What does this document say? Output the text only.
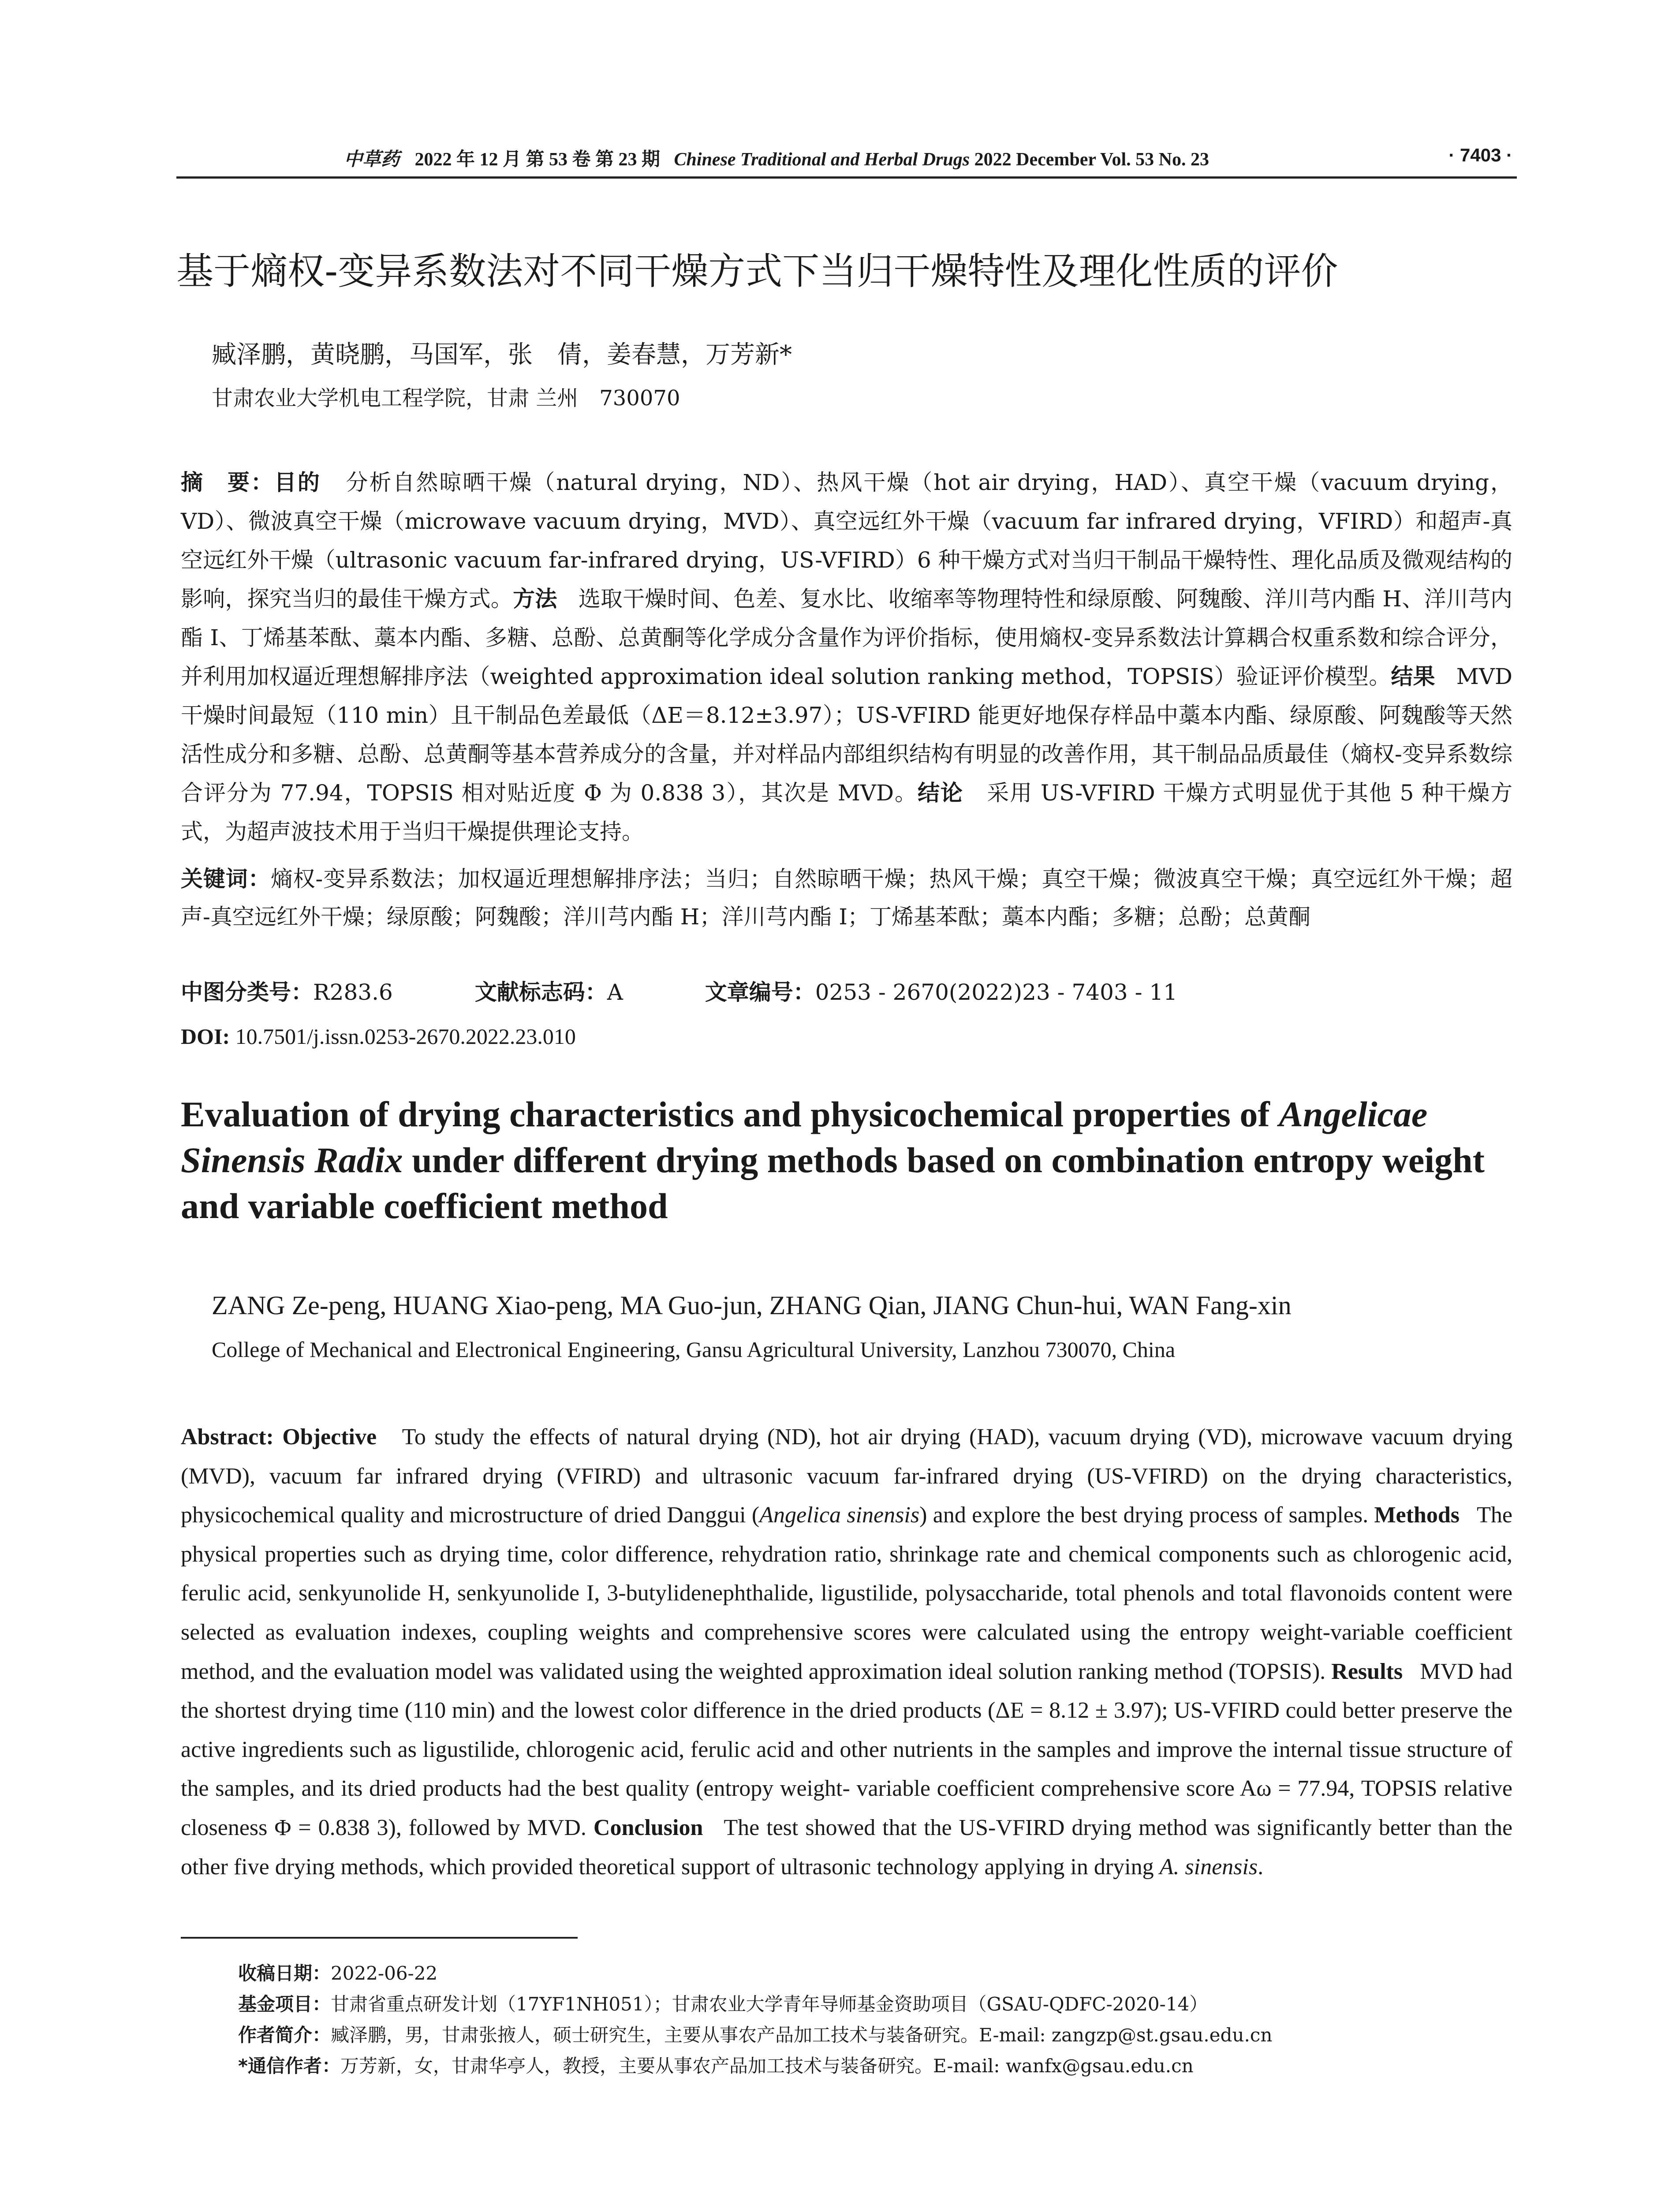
中草药 2022 年 12 月 第 53 卷 第 23 期 Chinese Traditional and Herbal Drugs 2022 December Vol. 53 No. 23	· 7403 ·
基于熵权-变异系数法对不同干燥方式下当归干燥特性及理化性质的评价
臧泽鹏，黄晓鹏，马国军，张　倩，姜春慧，万芳新*
甘肃农业大学机电工程学院，甘肃 兰州　730070
摘　要：目的 分析自然晾晒干燥（natural drying，ND）、热风干燥（hot air drying，HAD）、真空干燥（vacuum drying，VD）、微波真空干燥（microwave vacuum drying，MVD）、真空远红外干燥（vacuum far infrared drying，VFIRD）和超声-真空远红外干燥（ultrasonic vacuum far-infrared drying，US-VFIRD）6 种干燥方式对当归干制品干燥特性、理化品质及微观结构的影响，探究当归的最佳干燥方式。方法 选取干燥时间、色差、复水比、收缩率等物理特性和绿原酸、阿魏酸、洋川芎内酯 H、洋川芎内酯 I、丁烯基苯酞、藁本内酯、多糖、总酚、总黄酮等化学成分含量作为评价指标，使用熵权-变异系数法计算耦合权重系数和综合评分，并利用加权逼近理想解排序法（weighted approximation ideal solution ranking method，TOPSIS）验证评价模型。结果 MVD 干燥时间最短（110 min）且干制品色差最低（ΔE＝8.12±3.97）；US-VFIRD 能更好地保存样品中藁本内酯、绿原酸、阿魏酸等天然活性成分和多糖、总酚、总黄酮等基本营养成分的含量，并对样品内部组织结构有明显的改善作用，其干制品品质最佳（熵权-变异系数综合评分为 77.94，TOPSIS 相对贴近度 Φ 为 0.838 3），其次是 MVD。结论 采用 US-VFIRD 干燥方式明显优于其他 5 种干燥方式，为超声波技术用于当归干燥提供理论支持。
关键词：熵权-变异系数法；加权逼近理想解排序法；当归；自然晾晒干燥；热风干燥；真空干燥；微波真空干燥；真空远红外干燥；超声-真空远红外干燥；绿原酸；阿魏酸；洋川芎内酯 H；洋川芎内酯 I；丁烯基苯酞；藁本内酯；多糖；总酚；总黄酮
中图分类号：R283.6	文献标志码：A	文章编号：0253 - 2670(2022)23 - 7403 - 11
DOI: 10.7501/j.issn.0253-2670.2022.23.010
Evaluation of drying characteristics and physicochemical properties of Angelicae Sinensis Radix under different drying methods based on combination entropy weight and variable coefficient method
ZANG Ze-peng, HUANG Xiao-peng, MA Guo-jun, ZHANG Qian, JIANG Chun-hui, WAN Fang-xin
College of Mechanical and Electronical Engineering, Gansu Agricultural University, Lanzhou 730070, China
Abstract: Objective To study the effects of natural drying (ND), hot air drying (HAD), vacuum drying (VD), microwave vacuum drying (MVD), vacuum far infrared drying (VFIRD) and ultrasonic vacuum far-infrared drying (US-VFIRD) on the drying characteristics, physicochemical quality and microstructure of dried Danggui (Angelica sinensis) and explore the best drying process of samples. Methods The physical properties such as drying time, color difference, rehydration ratio, shrinkage rate and chemical components such as chlorogenic acid, ferulic acid, senkyunolide H, senkyunolide I, 3-butylidenephthalide, ligustilide, polysaccharide, total phenols and total flavonoids content were selected as evaluation indexes, coupling weights and comprehensive scores were calculated using the entropy weight-variable coefficient method, and the evaluation model was validated using the weighted approximation ideal solution ranking method (TOPSIS). Results MVD had the shortest drying time (110 min) and the lowest color difference in the dried products (ΔE = 8.12 ± 3.97); US-VFIRD could better preserve the active ingredients such as ligustilide, chlorogenic acid, ferulic acid and other nutrients in the samples and improve the internal tissue structure of the samples, and its dried products had the best quality (entropy weight- variable coefficient comprehensive score Aω = 77.94, TOPSIS relative closeness Φ = 0.838 3), followed by MVD. Conclusion The test showed that the US-VFIRD drying method was significantly better than the other five drying methods, which provided theoretical support of ultrasonic technology applying in drying A. sinensis.
收稿日期：2022-06-22
基金项目：甘肃省重点研发计划（17YF1NH051）；甘肃农业大学青年导师基金资助项目（GSAU-QDFC-2020-14）
作者简介：臧泽鹏，男，甘肃张掖人，硕士研究生，主要从事农产品加工技术与装备研究。E-mail: zangzp@st.gsau.edu.cn
*通信作者：万芳新，女，甘肃华亭人，教授，主要从事农产品加工技术与装备研究。E-mail: wanfx@gsau.edu.cn
